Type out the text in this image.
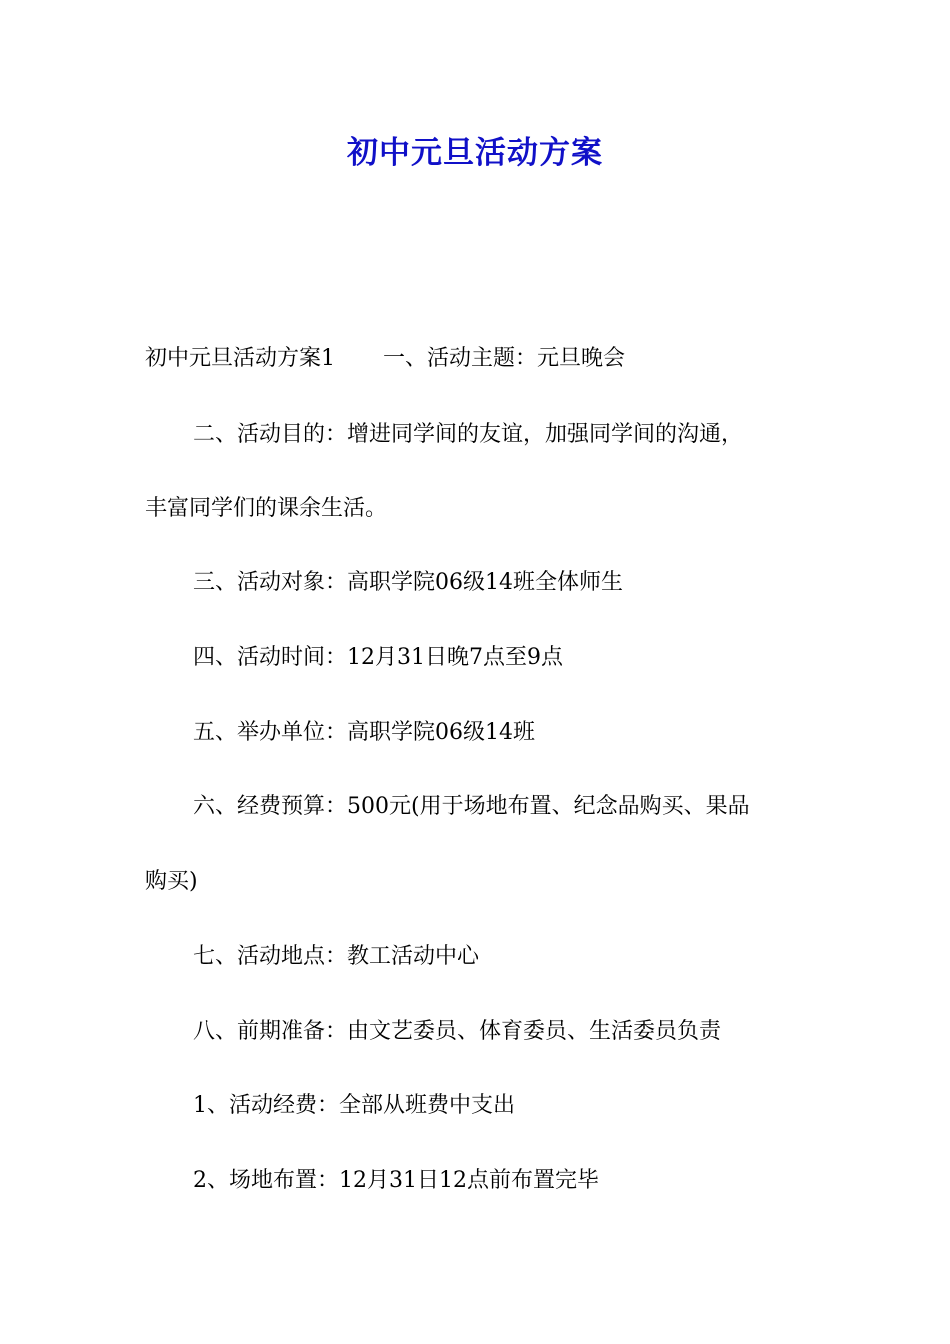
初中元旦活动方案
初中元旦活动方案1 一、活动主题：元旦晚会
二、活动目的：增进同学间的友谊，加强同学间的沟通，
丰富同学们的课余生活。
三、活动对象：高职学院06级14班全体师生
四、活动时间：12月31日晚7点至9点
五、举办单位：高职学院06级14班
六、经费预算：500元(用于场地布置、纪念品购买、果品
购买)
七、活动地点：教工活动中心
八、前期准备：由文艺委员、体育委员、生活委员负责
1、活动经费：全部从班费中支出
2、场地布置：12月31日12点前布置完毕
